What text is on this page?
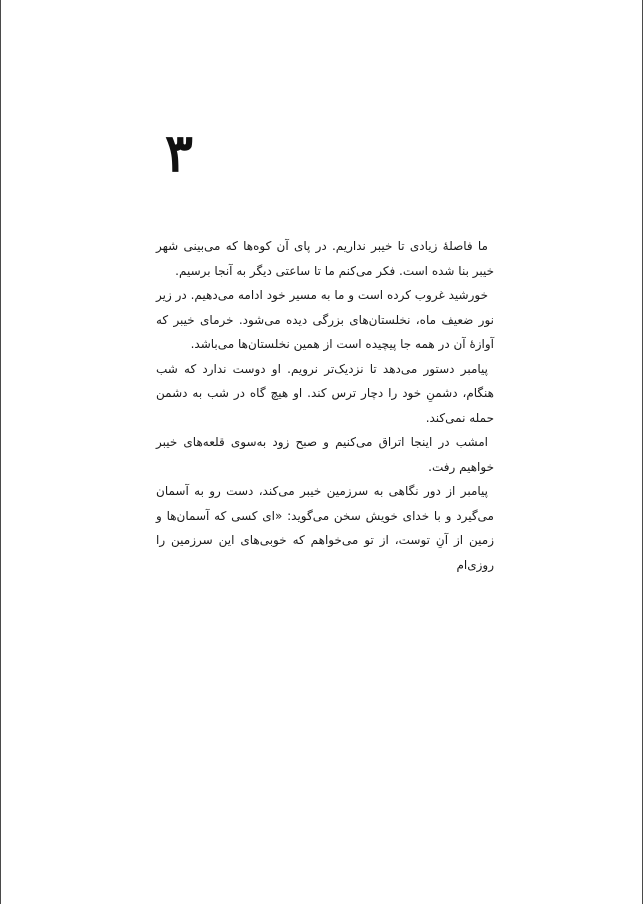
۳

ما فاصلهٔ زیادی تا خیبر نداریم. در پای آن کوه‌ها که می‌بینی شهر خیبر بنا شده است. فکر می‌کنم ما تا ساعتی دیگر به آنجا برسیم.

خورشید غروب کرده است و ما به مسیر خود ادامه می‌دهیم. در زیر نور ضعیف ماه، نخلستان‌های بزرگی دیده می‌شود. خرمای خیبر که آوازهٔ آن در همه جا پیچیده است از همین نخلستان‌ها می‌باشد.

پیامبر دستور می‌دهد تا نزدیک‌تر نرویم. او دوست ندارد که شب هنگام، دشمنِ خود را دچار ترس کند. او هیچ گاه در شب به دشمن حمله نمی‌کند.

امشب در اینجا اتراق می‌کنیم و صبح زود به‌سوی قلعه‌های خیبر خواهیم رفت.

پیامبر از دور نگاهی به سرزمین خیبر می‌کند، دست رو به آسمان می‌گیرد و با خدای خویش سخن می‌گوید: «ای کسی که آسمان‌ها و زمین از آنِ توست، از تو می‌خواهم که خوبی‌های این سرزمین را روزی‌ام
